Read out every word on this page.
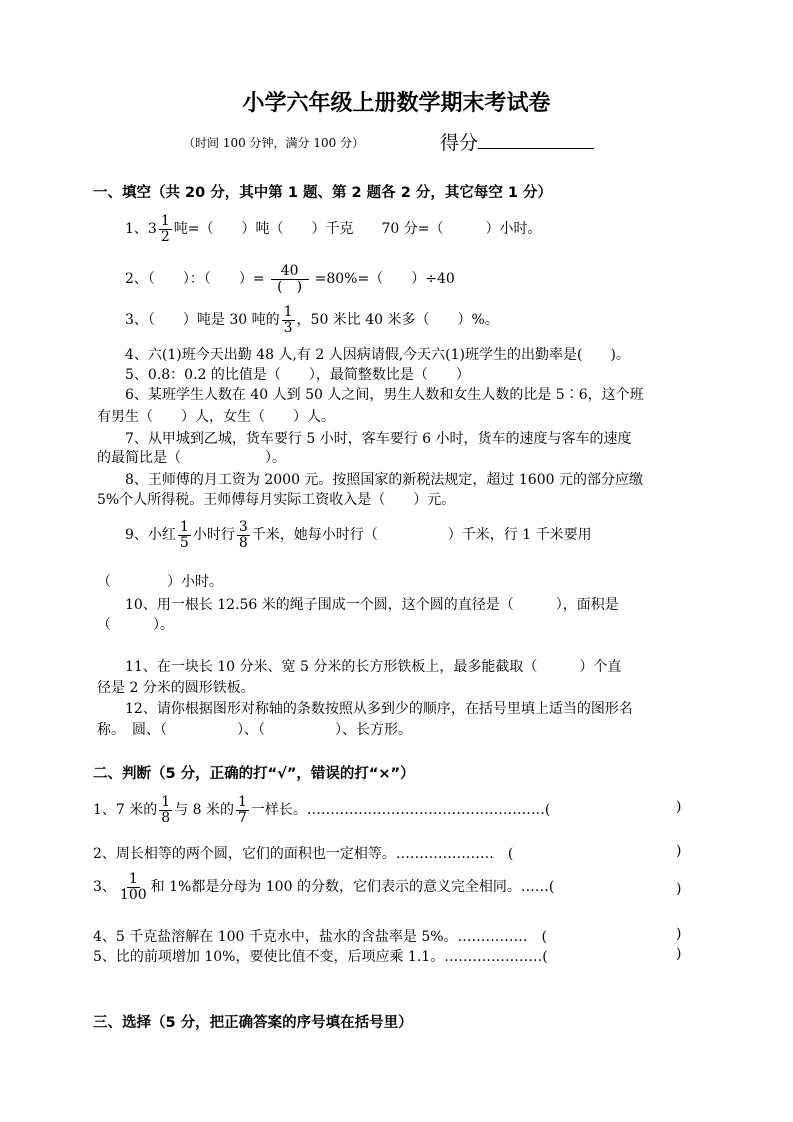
小学六年级上册数学期末考试卷
（时间 100 分钟，满分 100 分）	得分
一、填空（共 20 分，其中第 1 题、第 2 题各 2 分，其它每空 1 分）
1、$3 \frac{1}{2}$ 吨=（　　）吨（　　）千克　　70 分=（　　　）小时。
2、（　　）：（　　）= $\frac{40}{( )} =80\%=$（　　）÷40
3、（　　）吨是 30 吨的 $\frac{1}{3}$ ，50 米比 40 米多（　　）%。
4、六(1)班今天出勤 48 人,有 2 人因病请假,今天六(1)班学生的出勤率是(　　)。
5、0.8：0.2 的比值是（　　），最简整数比是（　　）
6、某班学生人数在 40 人到 50 人之间，男生人数和女生人数的比是 5∶6，这个班
有男生（　　）人，女生（　　）人。
7、从甲城到乙城，货车要行 5 小时，客车要行 6 小时，货车的速度与客车的速度
的最简比是（　　　　　　）。
8、王师傅的月工资为 2000 元。按照国家的新税法规定，超过 1600 元的部分应缴
5%个人所得税。王师傅每月实际工资收入是（　　）元。
9、小红 $\frac{1}{5}$ 小时行 $\frac{3}{8}$ 千米，她每小时行（　　　　　）千米，行 1 千米要用
（　　　　）小时。
10、用一根长 12.56 米的绳子围成一个圆，这个圆的直径是（　　　），面积是
（　　　）。
11、在一块长 10 分米、宽 5 分米的长方形铁板上，最多能截取（　　　）个直
径是 2 分米的圆形铁板。
12、请你根据图形对称轴的条数按照从多到少的顺序，在括号里填上适当的图形名
称。　圆、（　　　　　）、（　　　　　）、长方形。
二、判断（5 分，正确的打“√”，错误的打“×”）
1、7 米的 $\frac{1}{8}$ 与 8 米的 $\frac{1}{7}$ 一样长。……………………………………………(	)
2、周长相等的两个圆，它们的面积也一定相等。…………………　(	)
3、 $\frac{1}{100}$ 和 1%都是分母为 100 的分数，它们表示的意义完全相同。……(	)
4、5 千克盐溶解在 100 千克水中，盐水的含盐率是 5%。……………　(	)
5、比的前项增加 10%，要使比值不变，后项应乘 1.1。…………………(	)
三、选择（5 分，把正确答案的序号填在括号里）
